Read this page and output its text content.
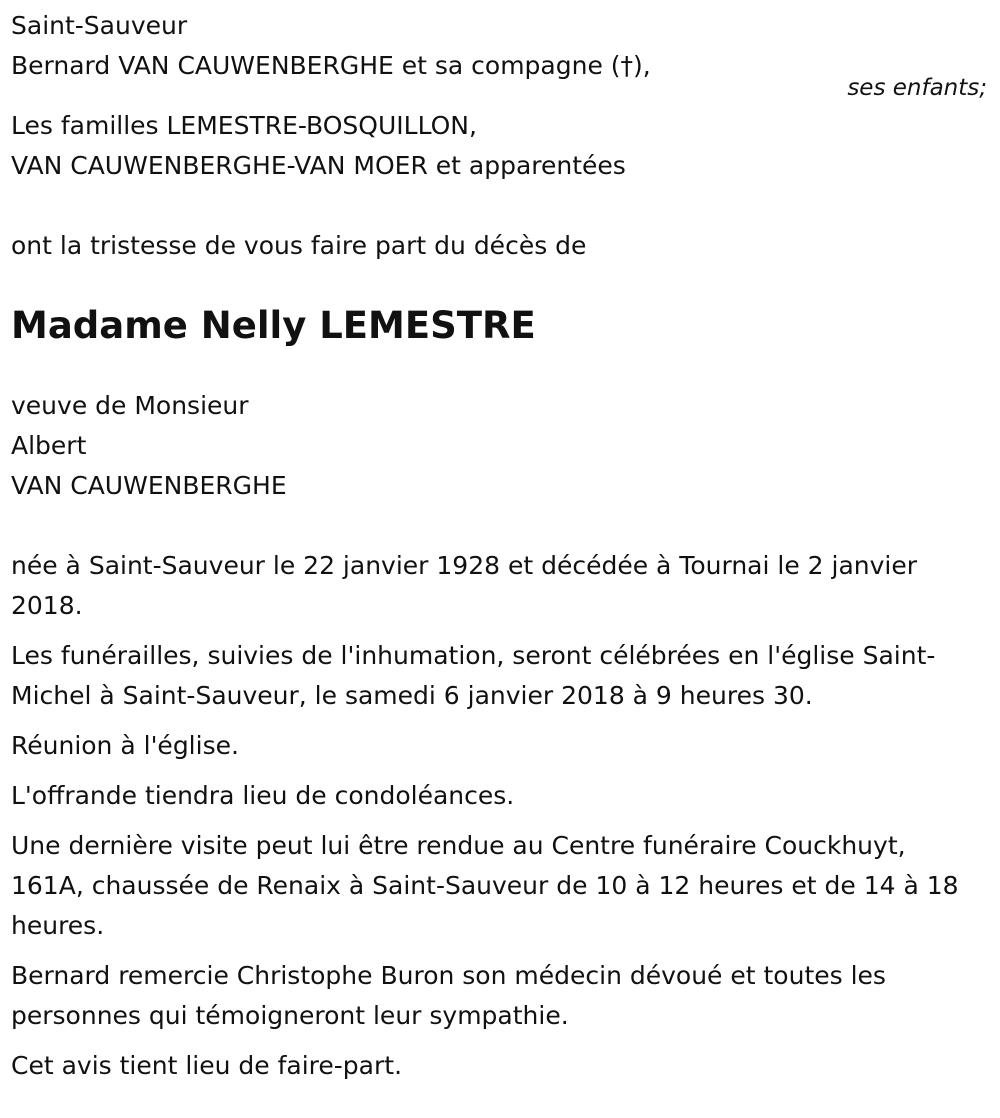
Saint-Sauveur

Bernard VAN CAUWENBERGHE et sa compagne (†),

ses enfants;

Les familles LEMESTRE-BOSQUILLON,

VAN CAUWENBERGHE-VAN MOER et apparentées

ont la tristesse de vous faire part du décès de

Madame Nelly LEMESTRE

veuve de Monsieur

Albert

VAN CAUWENBERGHE

née à Saint-Sauveur le 22 janvier 1928 et décédée à Tournai le 2 janvier

2018.

Les funérailles, suivies de l'inhumation, seront célébrées en l'église Saint-

Michel à Saint-Sauveur, le samedi 6 janvier 2018 à 9 heures 30.

Réunion à l'église.

L'offrande tiendra lieu de condoléances.

Une dernière visite peut lui être rendue au Centre funéraire Couckhuyt,

161A, chaussée de Renaix à Saint-Sauveur de 10 à 12 heures et de 14 à 18

heures.

Bernard remercie Christophe Buron son médecin dévoué et toutes les

personnes qui témoigneront leur sympathie.

Cet avis tient lieu de faire-part.
